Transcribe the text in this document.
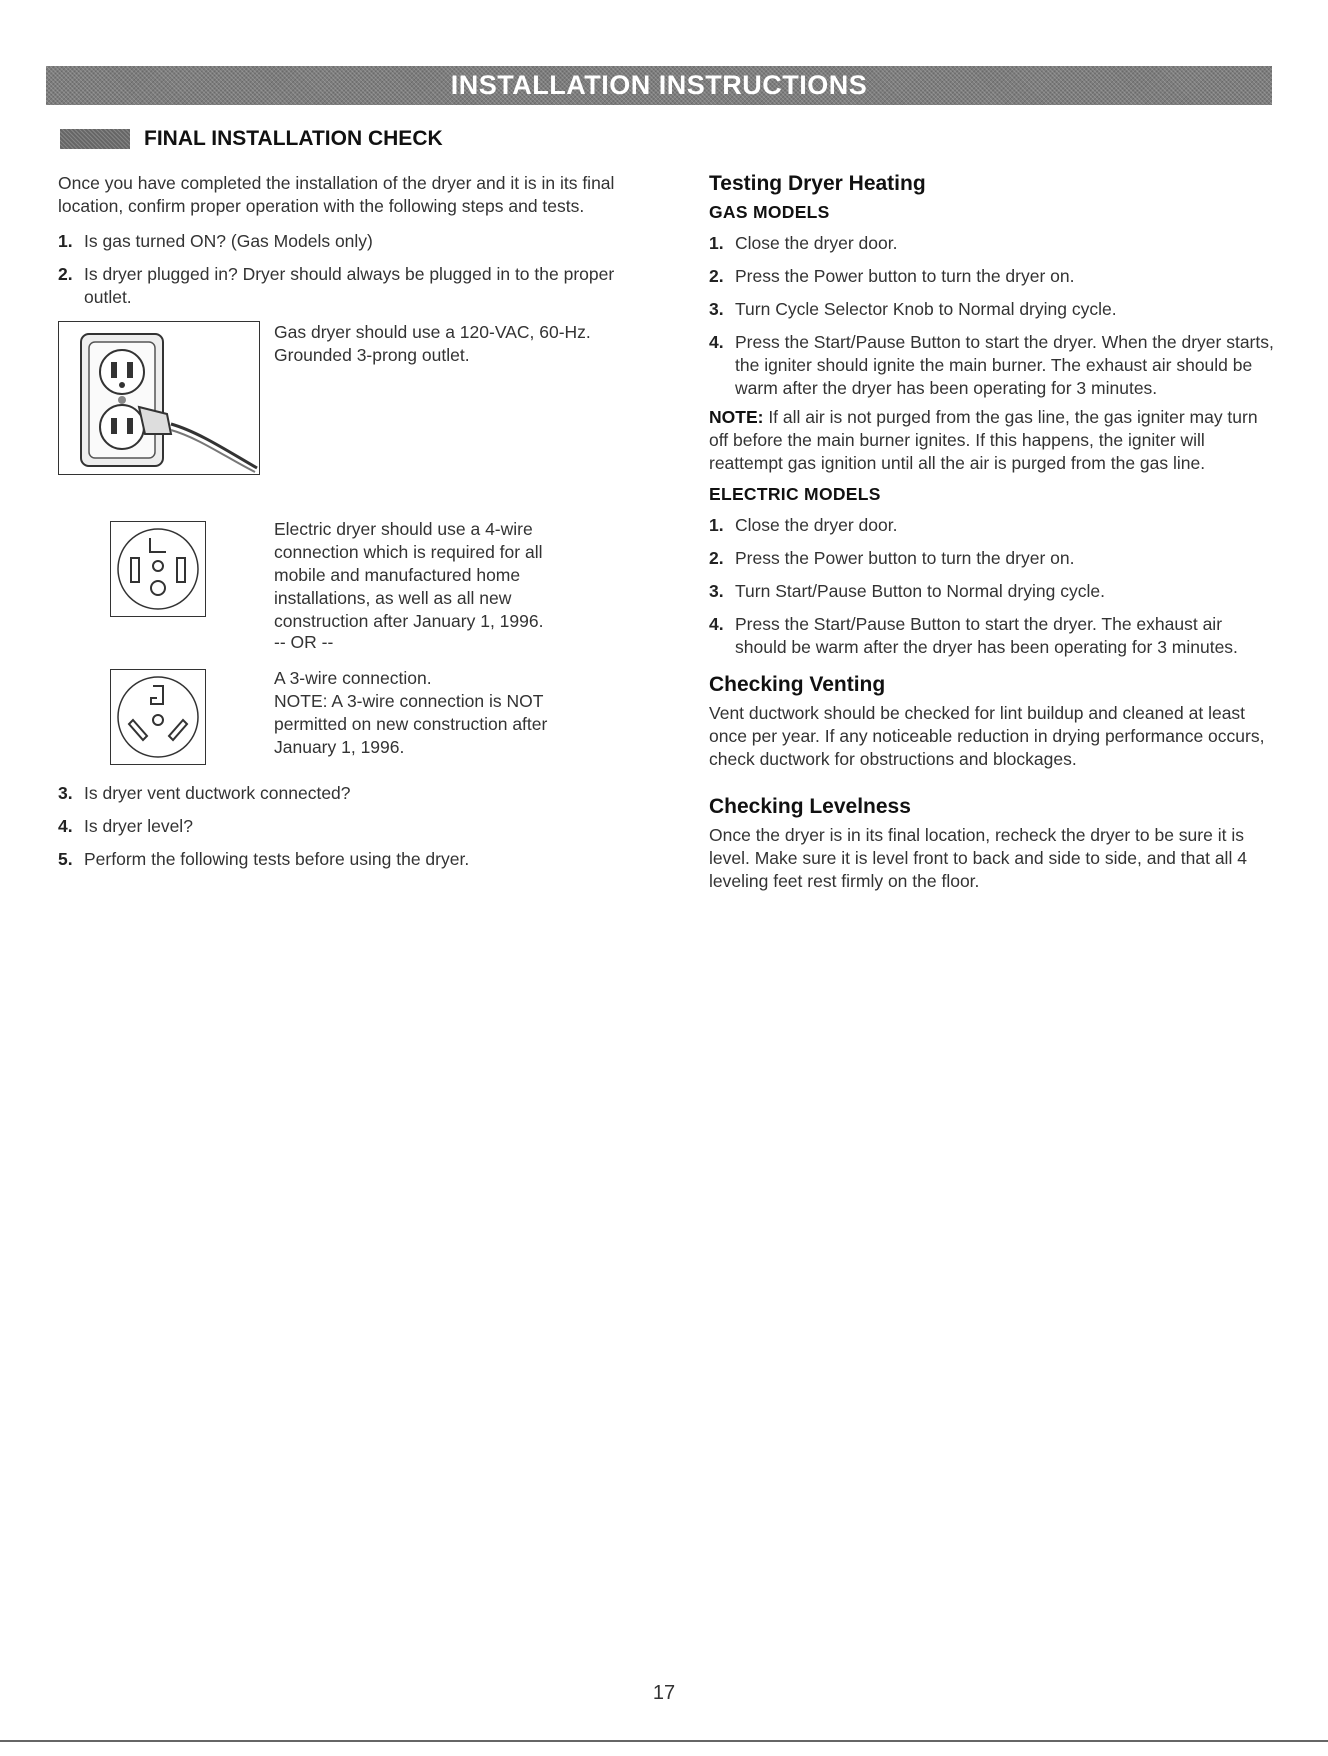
INSTALLATION INSTRUCTIONS
FINAL INSTALLATION CHECK

Once you have completed the installation of the dryer and it is in its final location, confirm proper operation with the following steps and tests.

1. Is gas turned ON? (Gas Models only)
2. Is dryer plugged in? Dryer should always be plugged in to the proper outlet.

Gas dryer should use a 120-VAC, 60-Hz. Grounded 3-prong outlet.

Electric dryer should use a 4-wire connection which is required for all mobile and manufactured home installations, as well as all new construction after January 1, 1996.

-- OR --

A 3-wire connection.
NOTE: A 3-wire connection is NOT permitted on new construction after January 1, 1996.

3. Is dryer vent ductwork connected?
4. Is dryer level?
5. Perform the following tests before using the dryer.
Testing Dryer Heating
GAS MODELS
1. Close the dryer door.
2. Press the Power button to turn the dryer on.
3. Turn Cycle Selector Knob to Normal drying cycle.
4. Press the Start/Pause Button to start the dryer. When the dryer starts, the igniter should ignite the main burner. The exhaust air should be warm after the dryer has been operating for 3 minutes.

NOTE: If all air is not purged from the gas line, the gas igniter may turn off before the main burner ignites. If this happens, the igniter will reattempt gas ignition until all the air is purged from the gas line.

ELECTRIC MODELS
1. Close the dryer door.
2. Press the Power button to turn the dryer on.
3. Turn Start/Pause Button to Normal drying cycle.
4. Press the Start/Pause Button to start the dryer. The exhaust air should be warm after the dryer has been operating for 3 minutes.
Checking Venting

Vent ductwork should be checked for lint buildup and cleaned at least once per year. If any noticeable reduction in drying performance occurs, check ductwork for obstructions and blockages.

Checking Levelness

Once the dryer is in its final location, recheck the dryer to be sure it is level. Make sure it is level front to back and side to side, and that all 4 leveling feet rest firmly on the floor.

17
